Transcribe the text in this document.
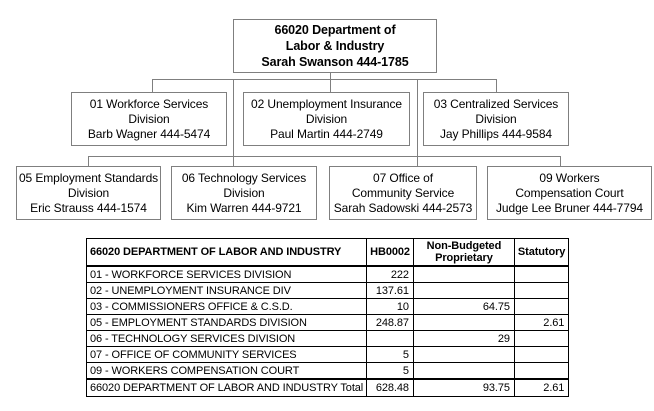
66020 Department of
Labor & Industry
Sarah Swanson 444-1785
01 Workforce Services
Division
Barb Wagner 444-5474
02 Unemployment Insurance
Division
Paul Martin 444-2749
03 Centralized Services
Division
Jay Phillips 444-9584
05 Employment Standards
Division
Eric Strauss 444-1574
06 Technology Services
Division
Kim Warren 444-9721
07 Office of
Community Service
Sarah Sadowski 444-2573
09 Workers
Compensation Court
Judge Lee Bruner 444-7794
66020 DEPARTMENT OF LABOR AND INDUSTRY	HB0002	Non-Budgeted Proprietary	Statutory
01 - WORKFORCE SERVICES DIVISION	222		
02 - UNEMPLOYMENT INSURANCE DIV	137.61		
03 - COMMISSIONERS OFFICE & C.S.D.	10	64.75	
05 - EMPLOYMENT STANDARDS DIVISION	248.87		2.61
06 - TECHNOLOGY SERVICES DIVISION		29	
07 - OFFICE OF COMMUNITY SERVICES	5		
09 - WORKERS COMPENSATION COURT	5		
66020 DEPARTMENT OF LABOR AND INDUSTRY Total	628.48	93.75	2.61
